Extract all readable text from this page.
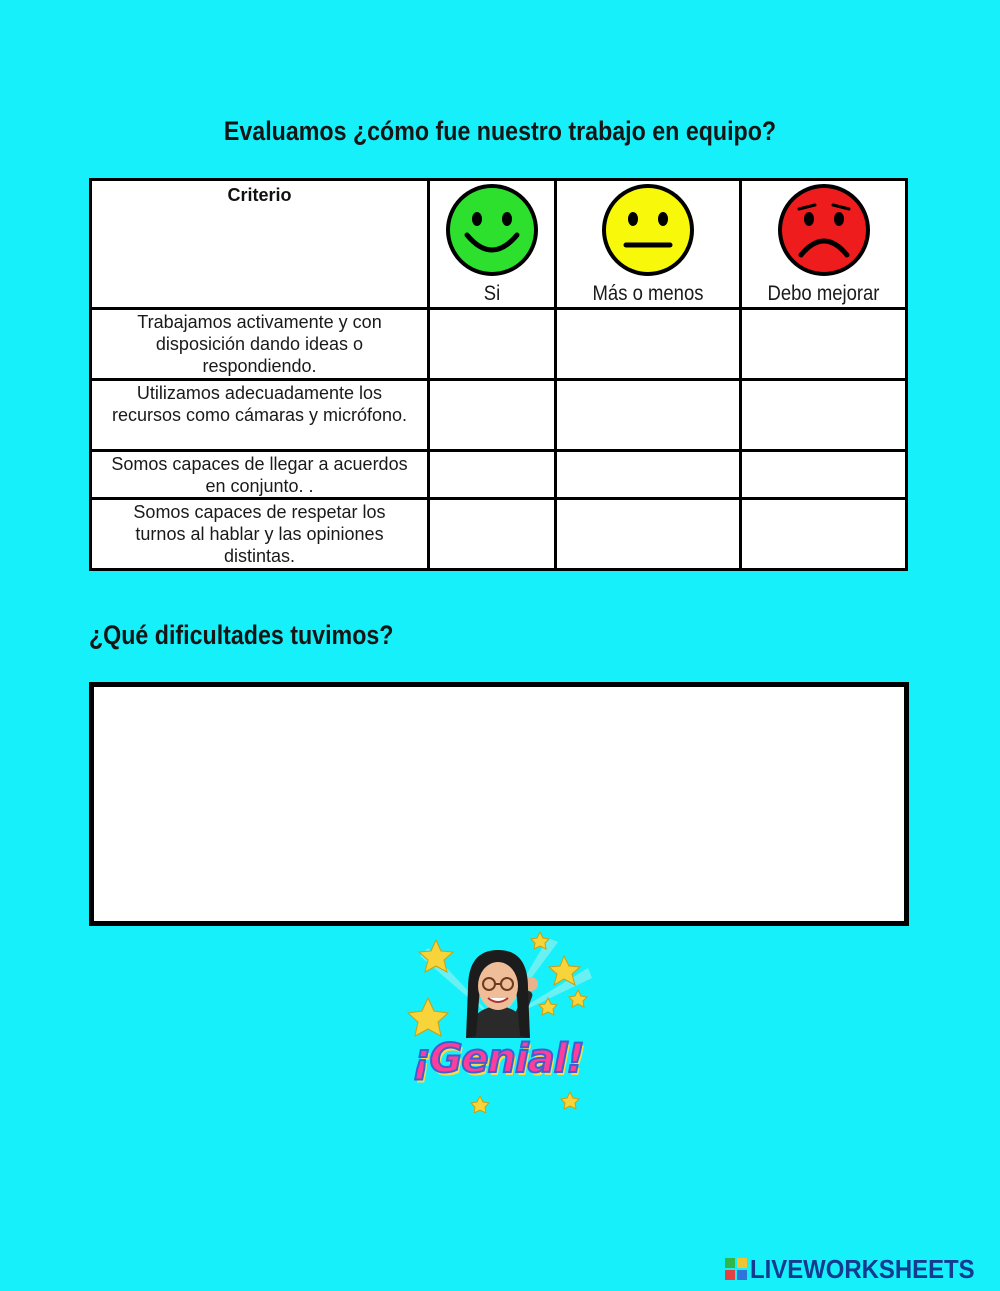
Evaluamos ¿cómo fue nuestro trabajo en equipo?
Criterio	Si	Más o menos	Debo mejorar

Trabajamos activamente y con disposición dando ideas o respondiendo.			

Utilizamos adecuadamente los recursos como cámaras y micrófono.			

Somos capaces de llegar a acuerdos en conjunto. .			

Somos capaces de respetar los turnos al hablar y las opiniones distintas.			

¿Qué dificultades tuvimos?
¡Genial!
LIVEWORKSHEETS
